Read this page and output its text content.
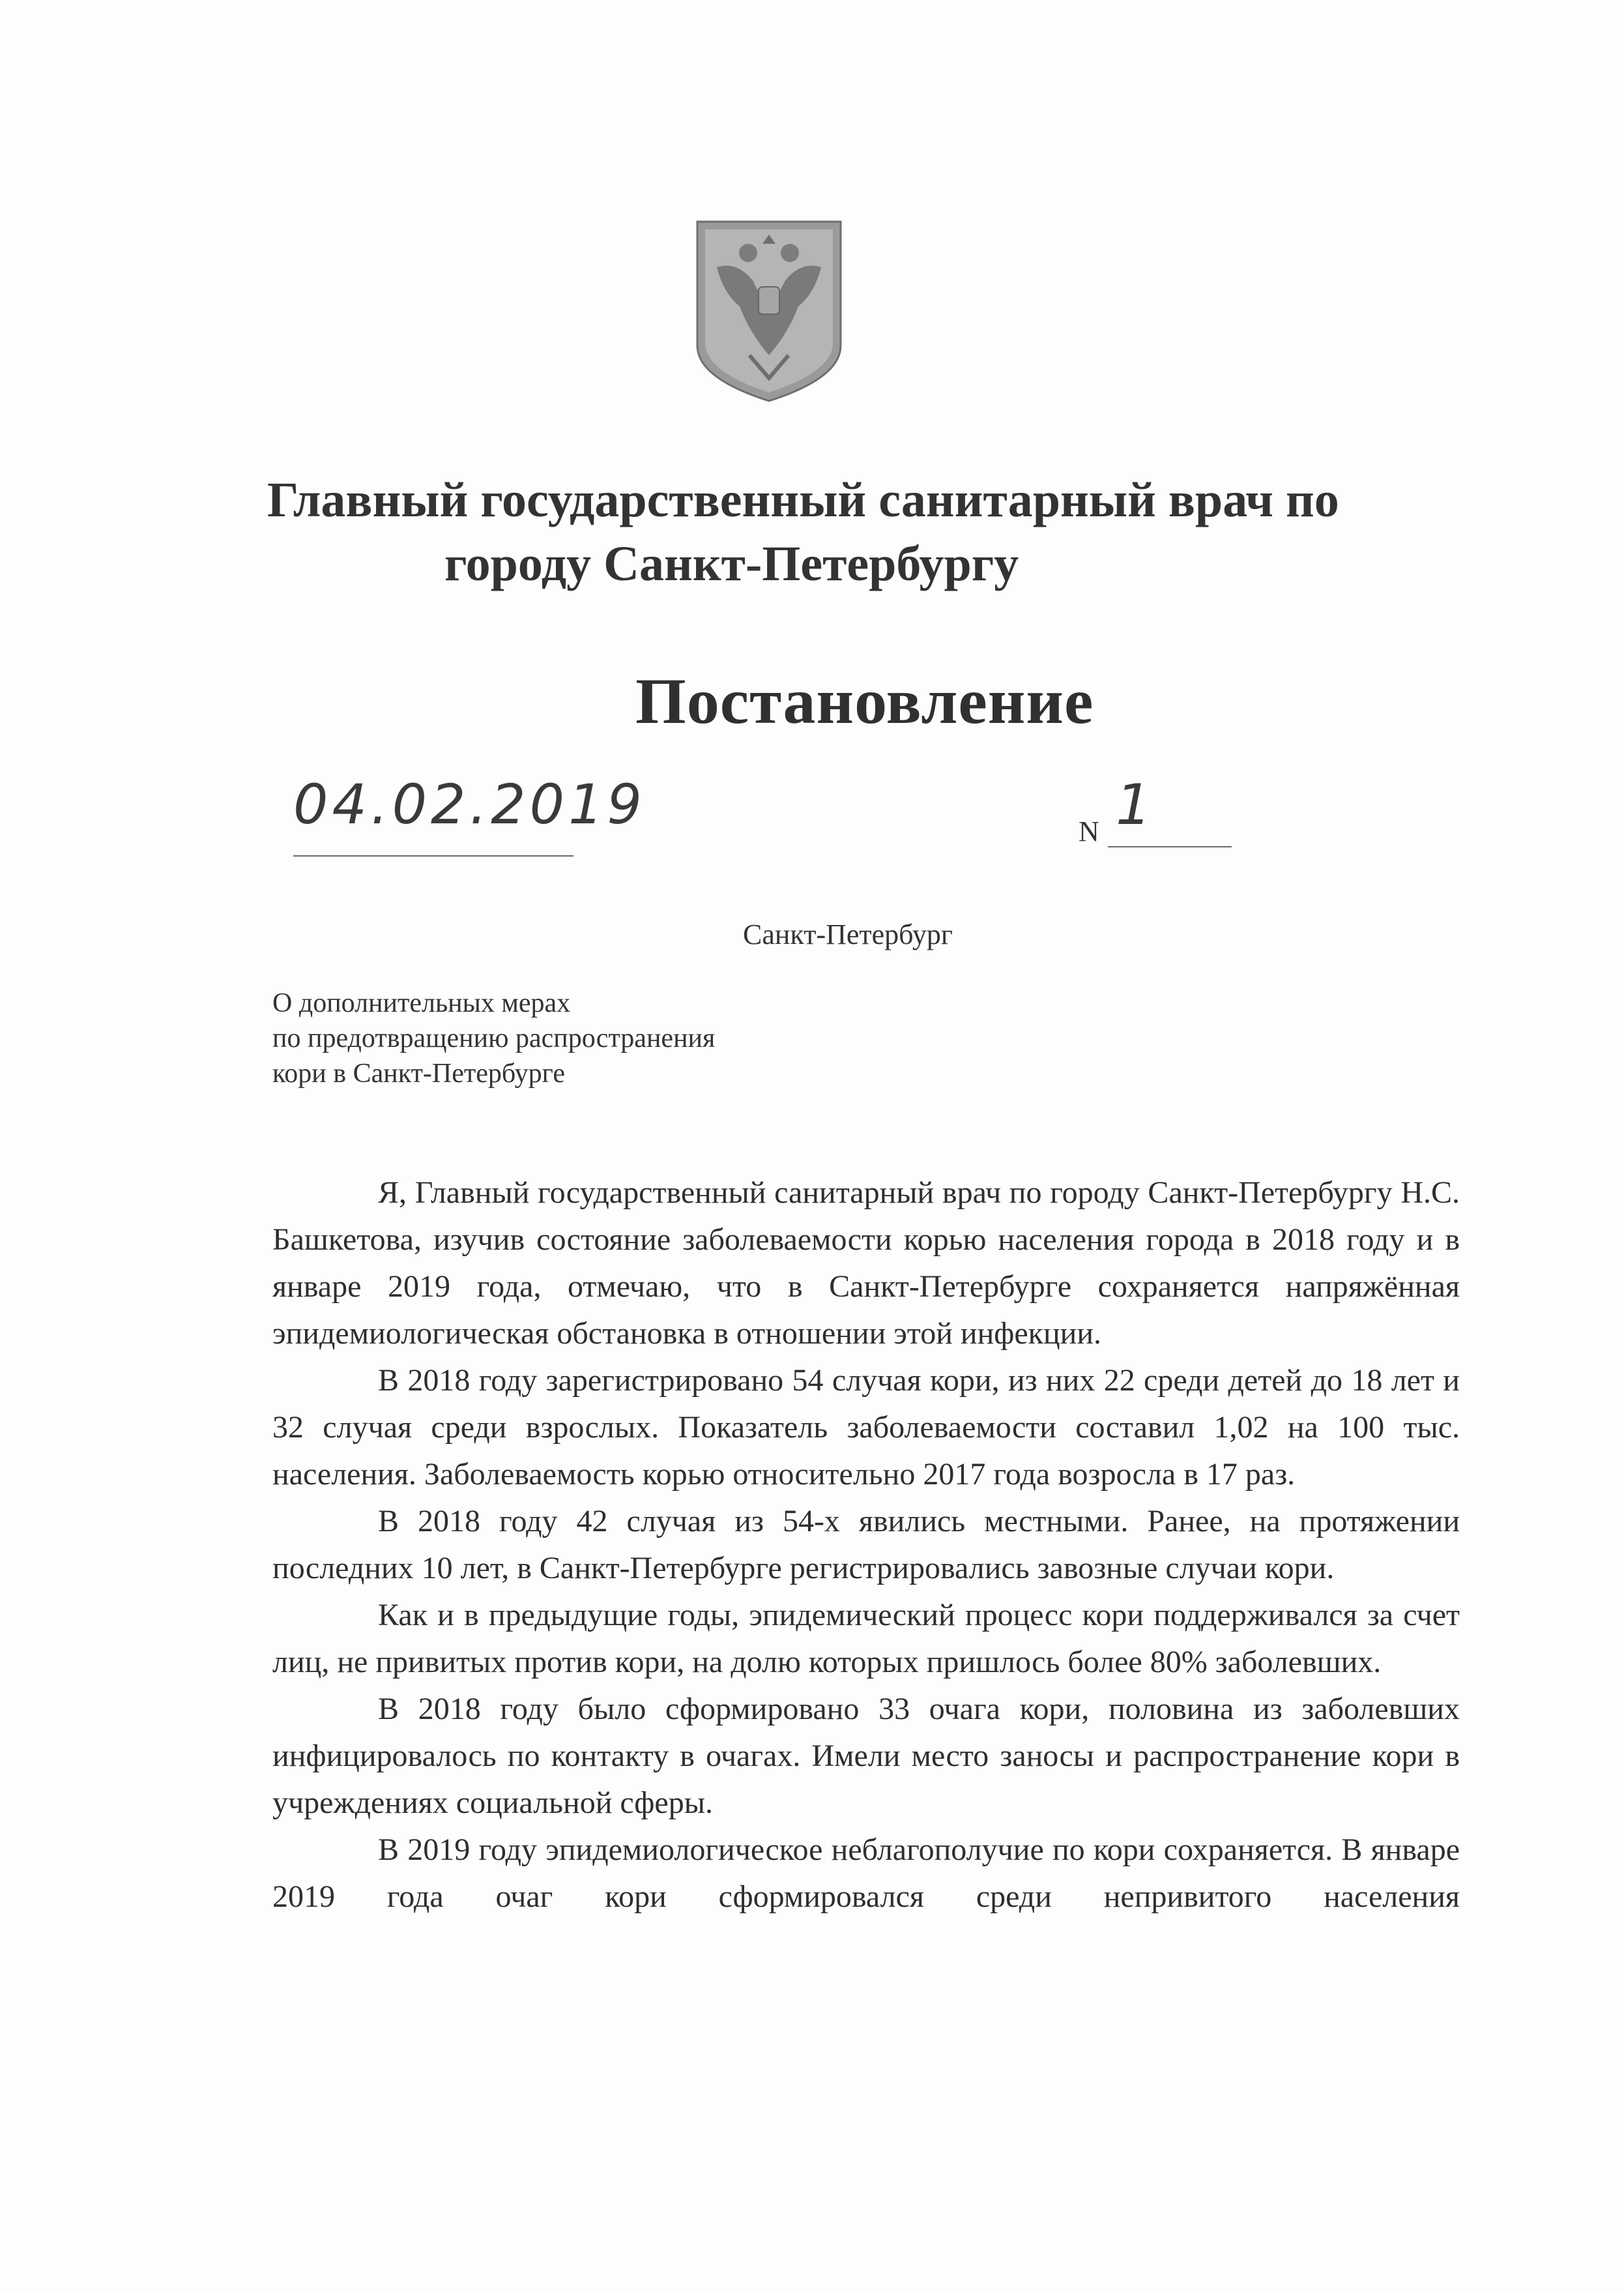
Главный государственный санитарный врач по
городу Санкт-Петербургу
Постановление
04.02.2019	N 1
Санкт-Петербург
О дополнительных мерах
по предотвращению распространения
кори в Санкт-Петербурге

Я, Главный государственный санитарный врач по городу Санкт-Петербургу Н.С. Башкетова, изучив состояние заболеваемости корью населения города в 2018 году и в январе 2019 года, отмечаю, что в Санкт-Петербурге сохраняется напряжённая эпидемиологическая обстановка в отношении этой инфекции.

В 2018 году зарегистрировано 54 случая кори, из них 22 среди детей до 18 лет и 32 случая среди взрослых. Показатель заболеваемости составил 1,02 на 100 тыс. населения. Заболеваемость корью относительно 2017 года возросла в 17 раз.

В 2018 году 42 случая из 54-х явились местными. Ранее, на протяжении последних 10 лет, в Санкт-Петербурге регистрировались завозные случаи кори.

Как и в предыдущие годы, эпидемический процесс кори поддерживался за счет лиц, не привитых против кори, на долю которых пришлось более 80% заболевших.

В 2018 году было сформировано 33 очага кори, половина из заболевших инфицировалось по контакту в очагах. Имели место заносы и распространение кори в учреждениях социальной сферы.

В 2019 году эпидемиологическое неблагополучие по кори сохраняется. В январе 2019 года очаг кори сформировался среди непривитого населения
